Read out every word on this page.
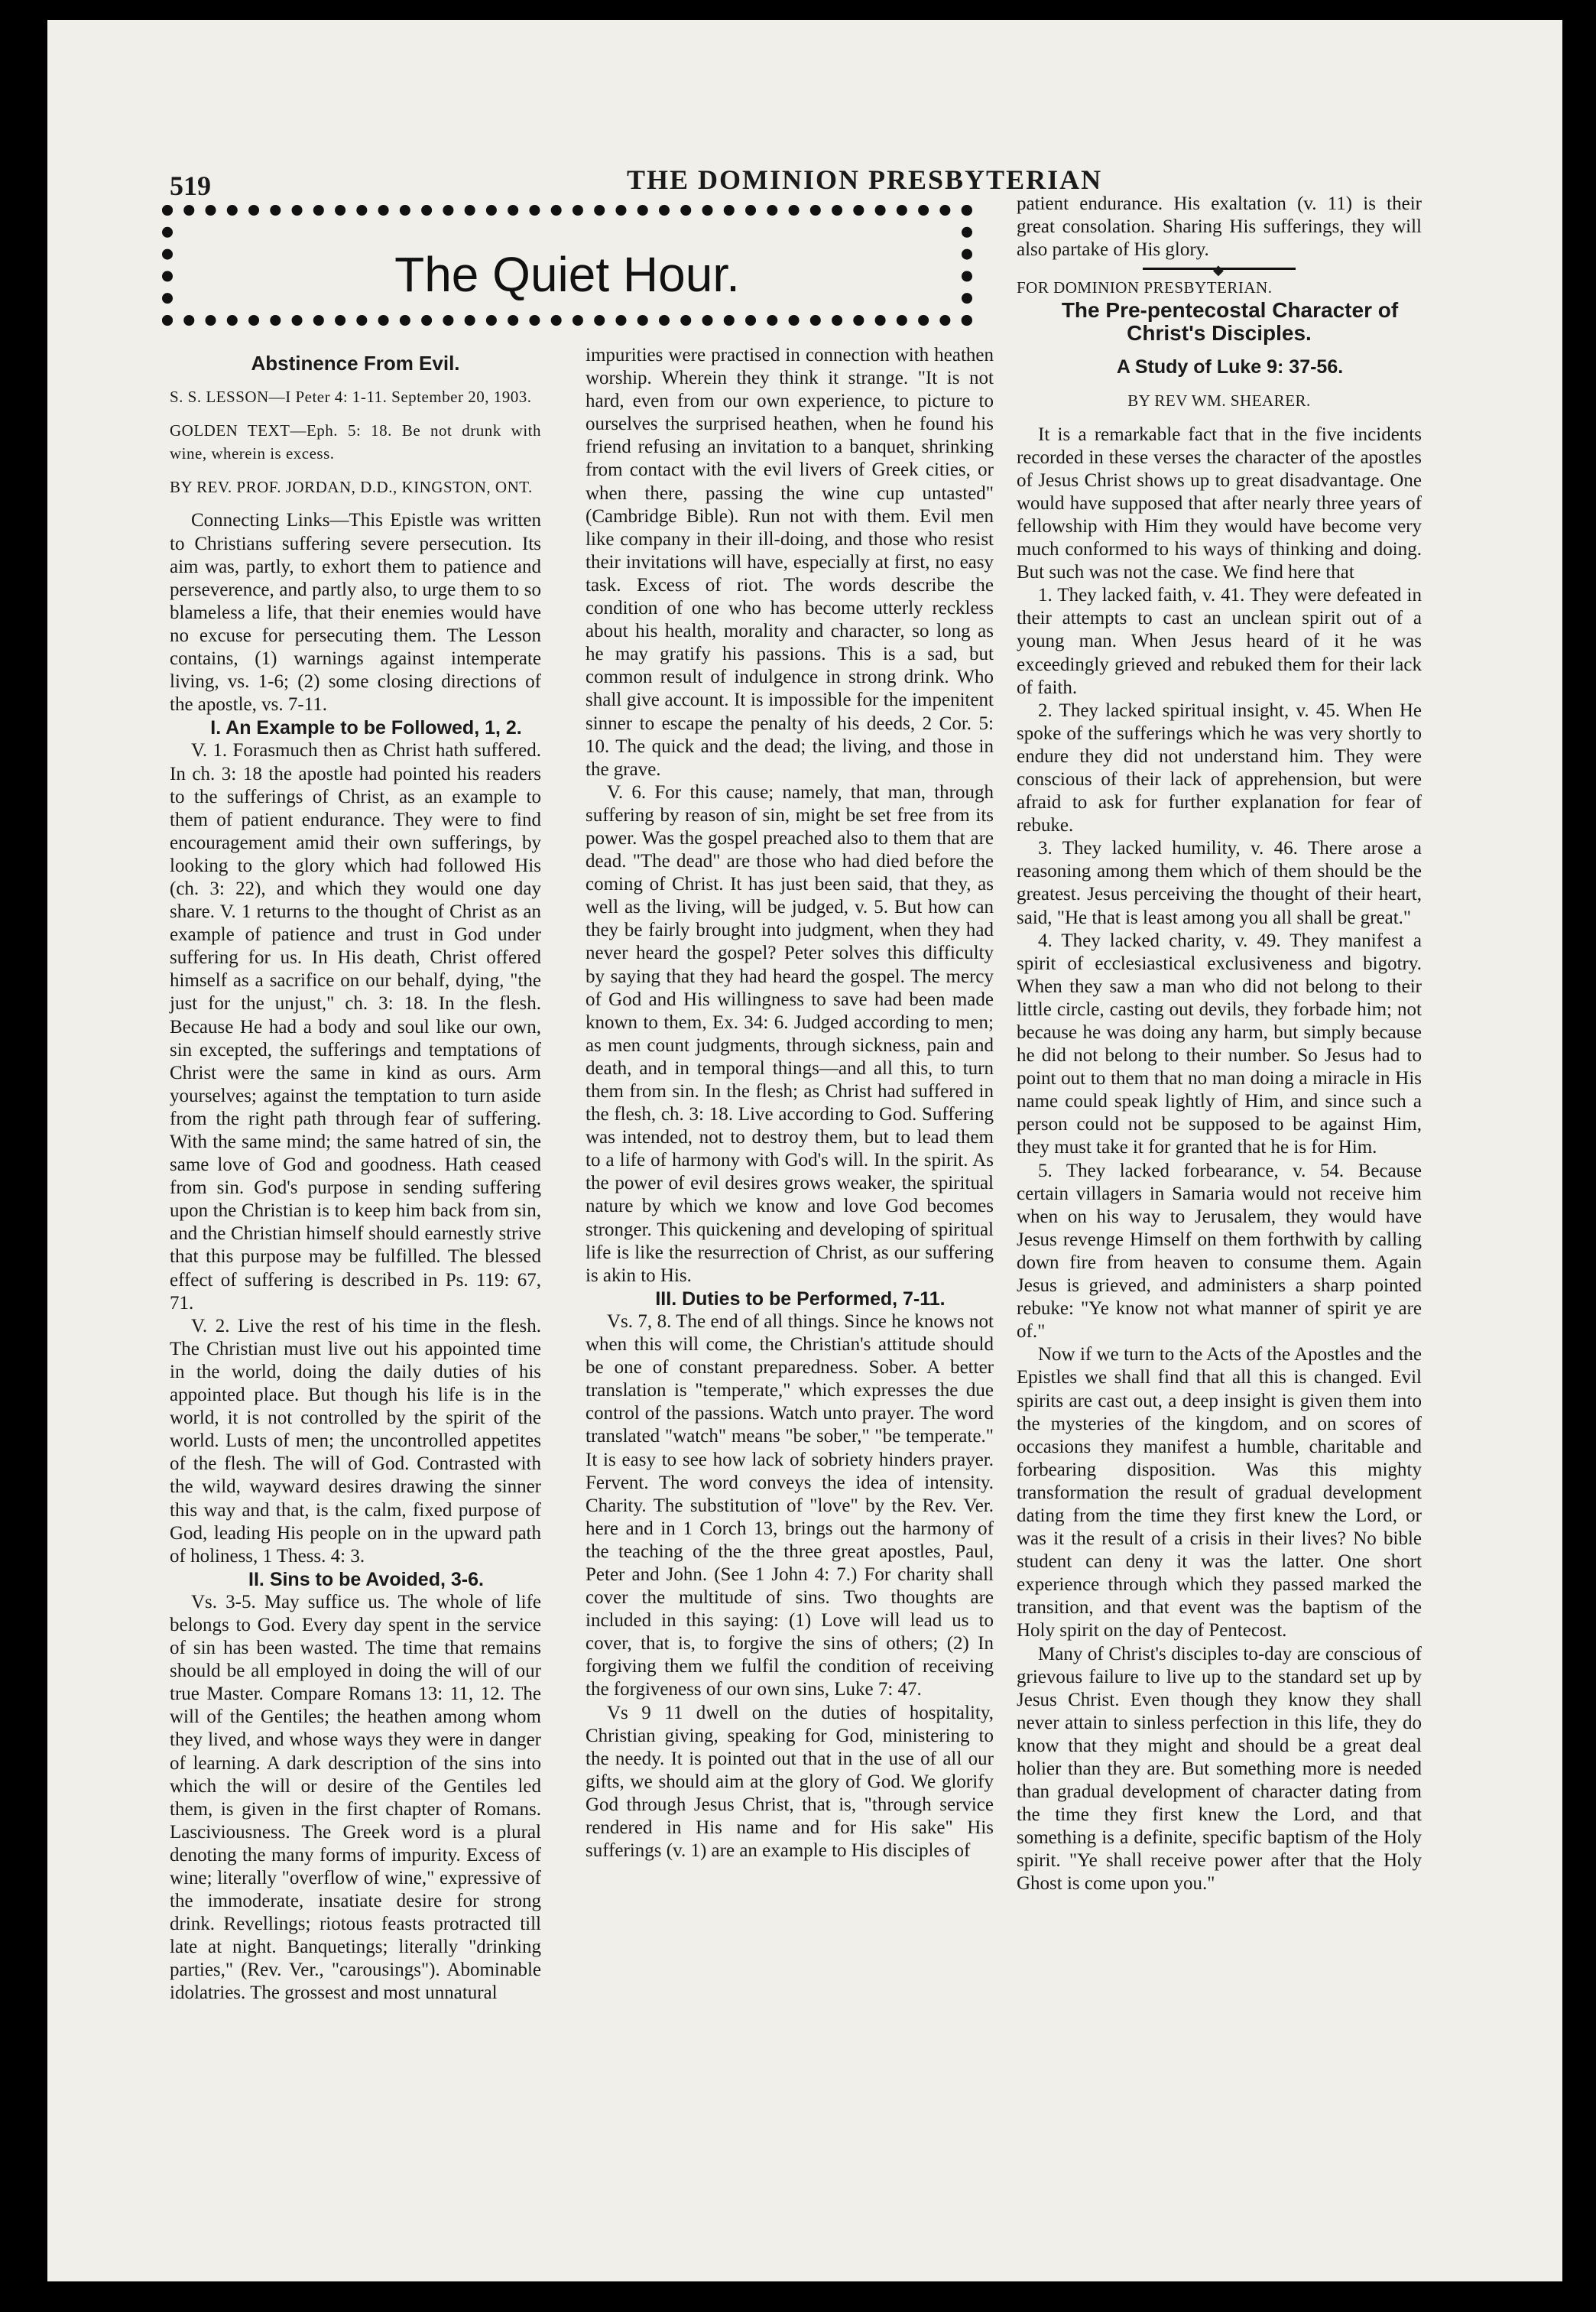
519	THE DOMINION PRESBYTERIAN
The Quiet Hour.
Abstinence From Evil.

S. S. LESSON—I Peter 4: 1-11. September 20, 1903.

GOLDEN TEXT—Eph. 5: 18. Be not drunk with wine, wherein is excess.

BY REV. PROF. JORDAN, D.D., KINGSTON, ONT.

Connecting Links—This Epistle was written to Christians suffering severe persecution. Its aim was, partly, to exhort them to patience and perseverence, and partly also, to urge them to so blameless a life, that their enemies would have no excuse for persecuting them. The Lesson contains, (1) warnings against intemperate living, vs. 1-6; (2) some closing directions of the apostle, vs. 7-11.

I. An Example to be Followed, 1, 2.

V. 1. Forasmuch then as Christ hath suffered. In ch. 3: 18 the apostle had pointed his readers to the sufferings of Christ, as an example to them of patient endurance. They were to find encouragement amid their own sufferings, by looking to the glory which had followed His (ch. 3: 22), and which they would one day share. V. 1 returns to the thought of Christ as an example of patience and trust in God under suffering for us. In His death, Christ offered himself as a sacrifice on our behalf, dying, "the just for the unjust," ch. 3: 18. In the flesh. Because He had a body and soul like our own, sin excepted, the sufferings and temptations of Christ were the same in kind as ours. Arm yourselves; against the temptation to turn aside from the right path through fear of suffering. With the same mind; the same hatred of sin, the same love of God and goodness. Hath ceased from sin. God's purpose in sending suffering upon the Christian is to keep him back from sin, and the Christian himself should earnestly strive that this purpose may be fulfilled. The blessed effect of suffering is described in Ps. 119: 67, 71.

V. 2. Live the rest of his time in the flesh. The Christian must live out his appointed time in the world, doing the daily duties of his appointed place. But though his life is in the world, it is not controlled by the spirit of the world. Lusts of men; the uncontrolled appetites of the flesh. The will of God. Contrasted with the wild, wayward desires drawing the sinner this way and that, is the calm, fixed purpose of God, leading His people on in the upward path of holiness, 1 Thess. 4: 3.

II. Sins to be Avoided, 3-6.

Vs. 3-5. May suffice us. The whole of life belongs to God. Every day spent in the service of sin has been wasted. The time that remains should be all employed in doing the will of our true Master. Compare Romans 13: 11, 12. The will of the Gentiles; the heathen among whom they lived, and whose ways they were in danger of learning. A dark description of the sins into which the will or desire of the Gentiles led them, is given in the first chapter of Romans. Lasciviousness. The Greek word is a plural denoting the many forms of impurity. Excess of wine; literally "overflow of wine," expressive of the immoderate, insatiate desire for strong drink. Revellings; riotous feasts protracted till late at night. Banquetings; literally "drinking parties," (Rev. Ver., "carousings"). Abominable idolatries. The grossest and most unnatural

impurities were practised in connection with heathen worship. Wherein they think it strange. "It is not hard, even from our own experience, to picture to ourselves the surprised heathen, when he found his friend refusing an invitation to a banquet, shrinking from contact with the evil livers of Greek cities, or when there, passing the wine cup untasted" (Cambridge Bible). Run not with them. Evil men like company in their ill-doing, and those who resist their invitations will have, especially at first, no easy task. Excess of riot. The words describe the condition of one who has become utterly reckless about his health, morality and character, so long as he may gratify his passions. This is a sad, but common result of indulgence in strong drink. Who shall give account. It is impossible for the impenitent sinner to escape the penalty of his deeds, 2 Cor. 5: 10. The quick and the dead; the living, and those in the grave.

V. 6. For this cause; namely, that man, through suffering by reason of sin, might be set free from its power. Was the gospel preached also to them that are dead. "The dead" are those who had died before the coming of Christ. It has just been said, that they, as well as the living, will be judged, v. 5. But how can they be fairly brought into judgment, when they had never heard the gospel? Peter solves this difficulty by saying that they had heard the gospel. The mercy of God and His willingness to save had been made known to them, Ex. 34: 6. Judged according to men; as men count judgments, through sickness, pain and death, and in temporal things—and all this, to turn them from sin. In the flesh; as Christ had suffered in the flesh, ch. 3: 18. Live according to God. Suffering was intended, not to destroy them, but to lead them to a life of harmony with God's will. In the spirit. As the power of evil desires grows weaker, the spiritual nature by which we know and love God becomes stronger. This quickening and developing of spiritual life is like the resurrection of Christ, as our suffering is akin to His.

III. Duties to be Performed, 7-11.

Vs. 7, 8. The end of all things. Since he knows not when this will come, the Christian's attitude should be one of constant preparedness. Sober. A better translation is "temperate," which expresses the due control of the passions. Watch unto prayer. The word translated "watch" means "be sober," "be temperate." It is easy to see how lack of sobriety hinders prayer. Fervent. The word conveys the idea of intensity. Charity. The substitution of "love" by the Rev. Ver. here and in 1 Corch 13, brings out the harmony of the teaching of the the three great apostles, Paul, Peter and John. (See 1 John 4: 7.) For charity shall cover the multitude of sins. Two thoughts are included in this saying: (1) Love will lead us to cover, that is, to forgive the sins of others; (2) In forgiving them we fulfil the condition of receiving the forgiveness of our own sins, Luke 7: 47.

Vs 9 11 dwell on the duties of hospitality, Christian giving, speaking for God, ministering to the needy. It is pointed out that in the use of all our gifts, we should aim at the glory of God. We glorify God through Jesus Christ, that is, "through service rendered in His name and for His sake" His sufferings (v. 1) are an example to His disciples of

patient endurance. His exaltation (v. 11) is their great consolation. Sharing His sufferings, they will also partake of His glory.

◆

FOR DOMINION PRESBYTERIAN.

The Pre-pentecostal Character of Christ's Disciples.

A Study of Luke 9: 37-56.

BY REV WM. SHEARER.

It is a remarkable fact that in the five incidents recorded in these verses the character of the apostles of Jesus Christ shows up to great disadvantage. One would have supposed that after nearly three years of fellowship with Him they would have become very much conformed to his ways of thinking and doing. But such was not the case. We find here that

1. They lacked faith, v. 41. They were defeated in their attempts to cast an unclean spirit out of a young man. When Jesus heard of it he was exceedingly grieved and rebuked them for their lack of faith.

2. They lacked spiritual insight, v. 45. When He spoke of the sufferings which he was very shortly to endure they did not understand him. They were conscious of their lack of apprehension, but were afraid to ask for further explanation for fear of rebuke.

3. They lacked humility, v. 46. There arose a reasoning among them which of them should be the greatest. Jesus perceiving the thought of their heart, said, "He that is least among you all shall be great."

4. They lacked charity, v. 49. They manifest a spirit of ecclesiastical exclusiveness and bigotry. When they saw a man who did not belong to their little circle, casting out devils, they forbade him; not because he was doing any harm, but simply because he did not belong to their number. So Jesus had to point out to them that no man doing a miracle in His name could speak lightly of Him, and since such a person could not be supposed to be against Him, they must take it for granted that he is for Him.

5. They lacked forbearance, v. 54. Because certain villagers in Samaria would not receive him when on his way to Jerusalem, they would have Jesus revenge Himself on them forthwith by calling down fire from heaven to consume them. Again Jesus is grieved, and administers a sharp pointed rebuke: "Ye know not what manner of spirit ye are of."

Now if we turn to the Acts of the Apostles and the Epistles we shall find that all this is changed. Evil spirits are cast out, a deep insight is given them into the mysteries of the kingdom, and on scores of occasions they manifest a humble, charitable and forbearing disposition. Was this mighty transformation the result of gradual development dating from the time they first knew the Lord, or was it the result of a crisis in their lives? No bible student can deny it was the latter. One short experience through which they passed marked the transition, and that event was the baptism of the Holy spirit on the day of Pentecost.

Many of Christ's disciples to-day are conscious of grievous failure to live up to the standard set up by Jesus Christ. Even though they know they shall never attain to sinless perfection in this life, they do know that they might and should be a great deal holier than they are. But something more is needed than gradual development of character dating from the time they first knew the Lord, and that something is a definite, specific baptism of the Holy spirit. "Ye shall receive power after that the Holy Ghost is come upon you."
